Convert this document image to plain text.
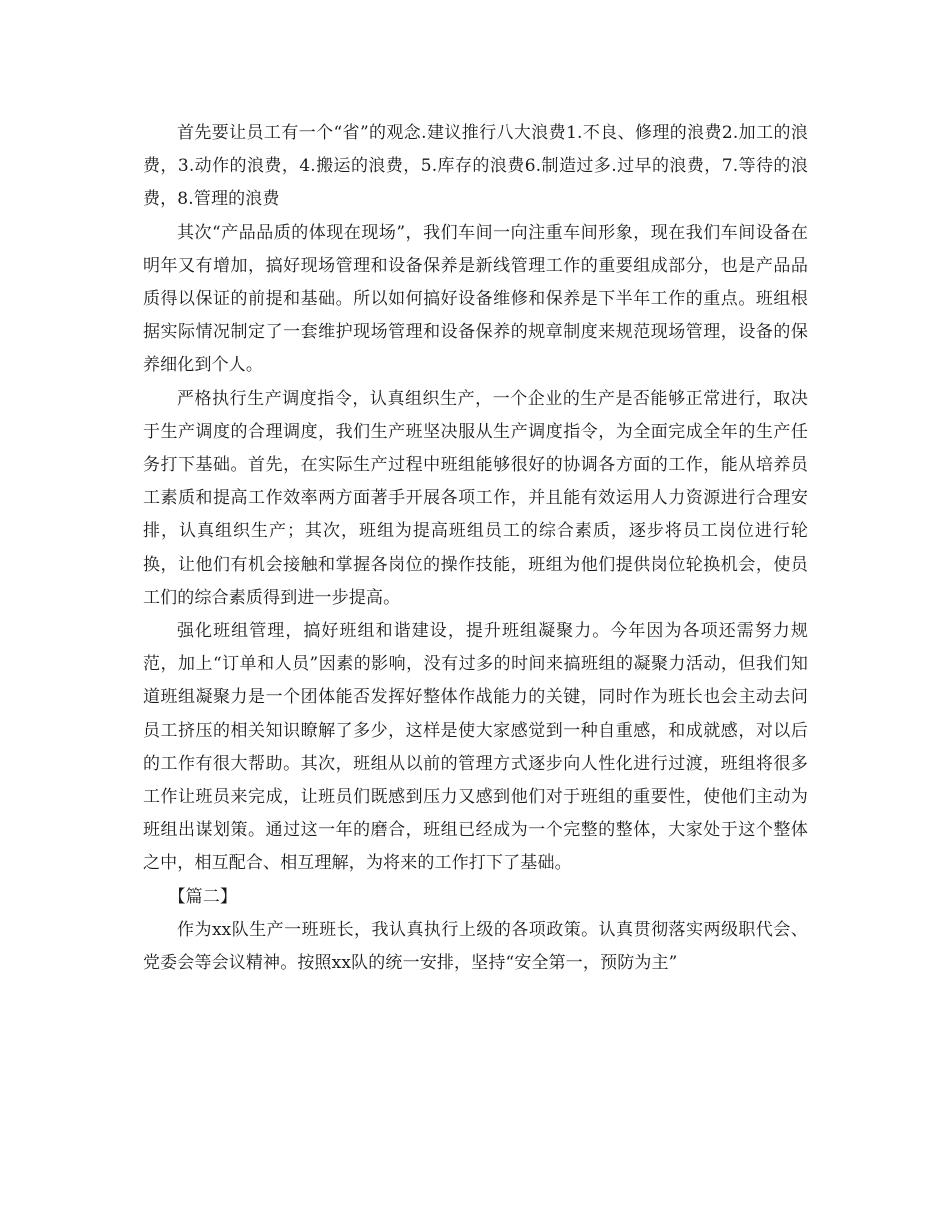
首先要让员工有一个“省”的观念.建议推行八大浪费1.不良、修理的浪费2.加工的浪费，3.动作的浪费，4.搬运的浪费，5.库存的浪费6.制造过多.过早的浪费，7.等待的浪费，8.管理的浪费

其次“产品品质的体现在现场”，我们车间一向注重车间形象，现在我们车间设备在明年又有增加，搞好现场管理和设备保养是新线管理工作的重要组成部分，也是产品品质得以保证的前提和基础。所以如何搞好设备维修和保养是下半年工作的重点。班组根据实际情况制定了一套维护现场管理和设备保养的规章制度来规范现场管理，设备的保养细化到个人。

严格执行生产调度指令，认真组织生产，一个企业的生产是否能够正常进行，取决于生产调度的合理调度，我们生产班坚决服从生产调度指令，为全面完成全年的生产任务打下基础。首先，在实际生产过程中班组能够很好的协调各方面的工作，能从培养员工素质和提高工作效率两方面著手开展各项工作，并且能有效运用人力资源进行合理安排，认真组织生产；其次，班组为提高班组员工的综合素质，逐步将员工岗位进行轮换，让他们有机会接触和掌握各岗位的操作技能，班组为他们提供岗位轮换机会，使员工们的综合素质得到进一步提高。

强化班组管理，搞好班组和谐建设，提升班组凝聚力。今年因为各项还需努力规范，加上“订单和人员”因素的影响，没有过多的时间来搞班组的凝聚力活动，但我们知道班组凝聚力是一个团体能否发挥好整体作战能力的关键，同时作为班长也会主动去问员工挤压的相关知识瞭解了多少，这样是使大家感觉到一种自重感，和成就感，对以后的工作有很大帮助。其次，班组从以前的管理方式逐步向人性化进行过渡，班组将很多工作让班员来完成，让班员们既感到压力又感到他们对于班组的重要性，使他们主动为班组出谋划策。通过这一年的磨合，班组已经成为一个完整的整体，大家处于这个整体之中，相互配合、相互理解，为将来的工作打下了基础。

【篇二】

作为xx队生产一班班长，我认真执行上级的各项政策。认真贯彻落实两级职代会、党委会等会议精神。按照xx队的统一安排，坚持“安全第一，预防为主”
